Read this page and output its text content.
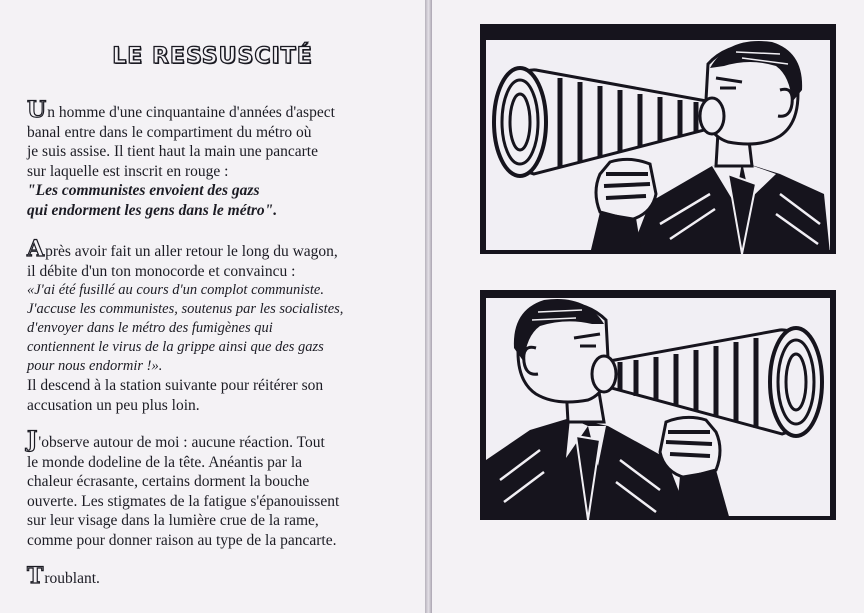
LE RESSUSCITÉ
Un homme d'une cinquantaine d'années d'aspect
banal entre dans le compartiment du métro où
je suis assise. Il tient haut la main une pancarte
sur laquelle est inscrit en rouge :
"Les communistes envoient des gazs
qui endorment les gens dans le métro".
Après avoir fait un aller retour le long du wagon,
il débite d'un ton monocorde et convaincu :
«J'ai été fusillé au cours d'un complot communiste.
J'accuse les communistes, soutenus par les socialistes,
d'envoyer dans le métro des fumigènes qui
contiennent le virus de la grippe ainsi que des gazs
pour nous endormir !».
Il descend à la station suivante pour réitérer son
accusation un peu plus loin.
J'observe autour de moi : aucune réaction. Tout
le monde dodeline de la tête. Anéantis par la
chaleur écrasante, certains dorment la bouche
ouverte. Les stigmates de la fatigue s'épanouissent
sur leur visage dans la lumière crue de la rame,
comme pour donner raison au type de la pancarte.
Troublant.
